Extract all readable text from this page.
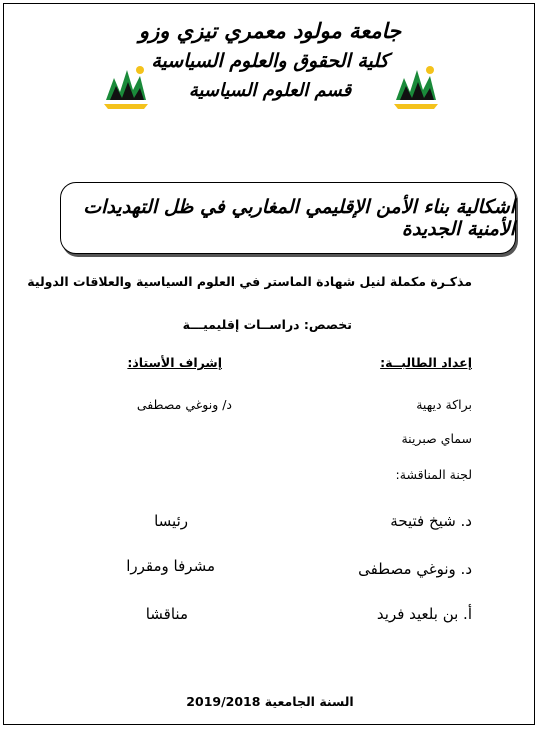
جامعة مولود معمري تيزي وزو
كلية الحقوق والعلوم السياسية
قسم العلوم السياسية
اشكالية بناء الأمن الإقليمي المغاربي في ظل التهديدات الأمنية الجديدة
مذكـرة مكملة لنيل شهادة الماستر في العلوم السياسية والعلاقات الدولية
تخصص: دراســات إقليميـــة
إعداد الطالبــة:
إشراف الأستاذ:
براكة ديهية
د/ ونوغي مصطفى
سماي صبرينة
لجنة المناقشة:
د. شيخ فتيحة
رئيسا
د. ونوغي مصطفى
مشرفا ومقررا
أ. بن بلعيد فريد
مناقشا
السنة الجامعية 2019/2018
